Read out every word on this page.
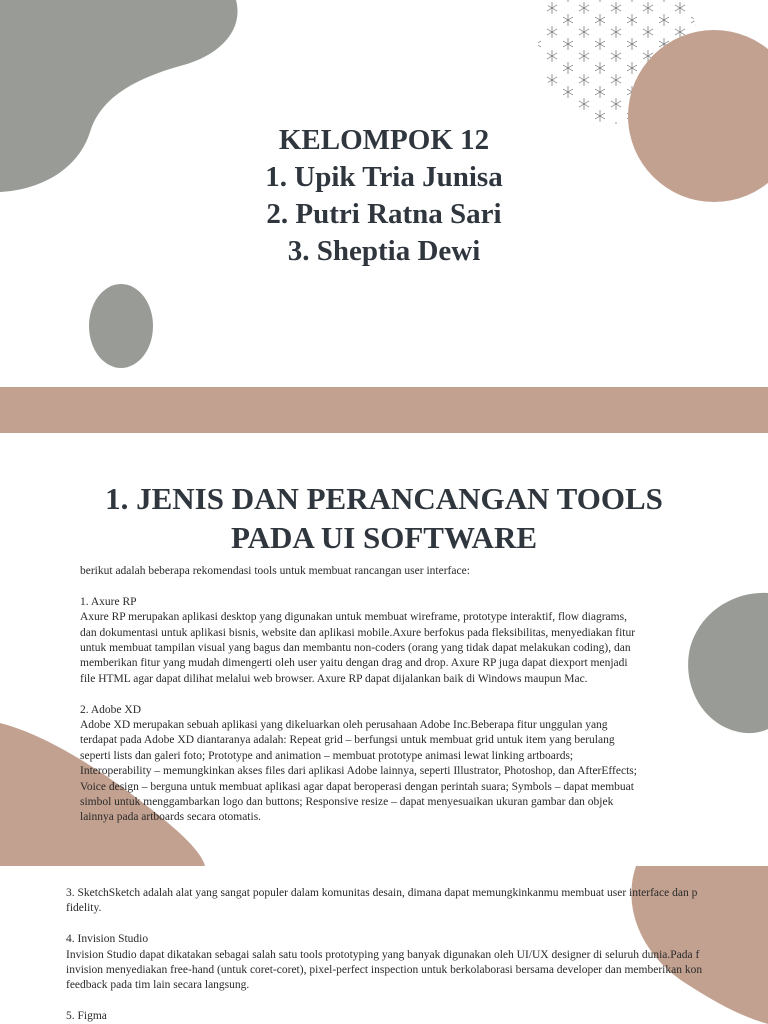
KELOMPOK 12
1. Upik Tria Junisa
2. Putri Ratna Sari
3. Sheptia Dewi
1. JENIS DAN PERANCANGAN TOOLS
PADA UI SOFTWARE
berikut adalah beberapa rekomendasi tools untuk membuat rancangan user interface:
1. Axure RP
Axure RP merupakan aplikasi desktop yang digunakan untuk membuat wireframe, prototype interaktif, flow diagrams,
dan dokumentasi untuk aplikasi bisnis, website dan aplikasi mobile.Axure berfokus pada fleksibilitas, menyediakan fitur
untuk membuat tampilan visual yang bagus dan membantu non-coders (orang yang tidak dapat melakukan coding), dan
memberikan fitur yang mudah dimengerti oleh user yaitu dengan drag and drop. Axure RP juga dapat diexport menjadi
file HTML agar dapat dilihat melalui web browser. Axure RP dapat dijalankan baik di Windows maupun Mac.
2. Adobe XD
Adobe XD merupakan sebuah aplikasi yang dikeluarkan oleh perusahaan Adobe Inc.Beberapa fitur unggulan yang
terdapat pada Adobe XD diantaranya adalah: Repeat grid – berfungsi untuk membuat grid untuk item yang berulang
seperti lists dan galeri foto; Prototype and animation – membuat prototype animasi lewat linking artboards;
Interoperability – memungkinkan akses files dari aplikasi Adobe lainnya, seperti Illustrator, Photoshop, dan AfterEffects;
Voice design – berguna untuk membuat aplikasi agar dapat beroperasi dengan perintah suara; Symbols – dapat membuat
simbol untuk menggambarkan logo dan buttons; Responsive resize – dapat menyesuaikan ukuran gambar dan objek
lainnya pada artboards secara otomatis.
3. SketchSketch adalah alat yang sangat populer dalam komunitas desain, dimana dapat memungkinkanmu membuat user interface dan p
fidelity.
4. Invision Studio
Invision Studio dapat dikatakan sebagai salah satu tools prototyping yang banyak digunakan oleh UI/UX designer di seluruh dunia.Pada f
invision menyediakan free-hand (untuk coret-coret), pixel-perfect inspection untuk berkolaborasi bersama developer dan memberikan kon
feedback pada tim lain secara langsung.
5. Figma
